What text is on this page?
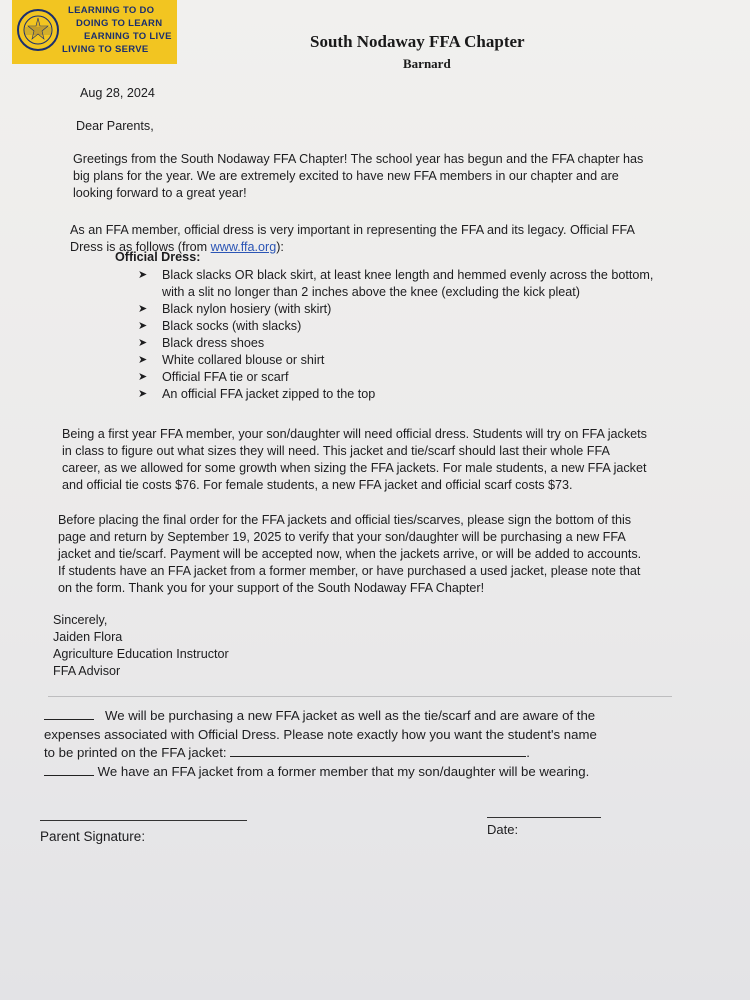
LEARNING TO DO
DOING TO LEARN
EARNING TO LIVE
LIVING TO SERVE	South Nodaway FFA Chapter
Barnard
Aug 28, 2024
Dear Parents,
Greetings from the South Nodaway FFA Chapter! The school year has begun and the FFA chapter has
big plans for the year. We are extremely excited to have new FFA members in our chapter and are
looking forward to a great year!
As an FFA member, official dress is very important in representing the FFA and its legacy. Official FFA
Dress is as follows (from www.ffa.org):
Official Dress:
➤ Black slacks OR black skirt, at least knee length and hemmed evenly across the bottom,
with a slit no longer than 2 inches above the knee (excluding the kick pleat)
➤ Black nylon hosiery (with skirt)
➤ Black socks (with slacks)
➤ Black dress shoes
➤ White collared blouse or shirt
➤ Official FFA tie or scarf
➤ An official FFA jacket zipped to the top
Being a first year FFA member, your son/daughter will need official dress. Students will try on FFA jackets
in class to figure out what sizes they will need. This jacket and tie/scarf should last their whole FFA
career, as we allowed for some growth when sizing the FFA jackets. For male students, a new FFA jacket
and official tie costs $76. For female students, a new FFA jacket and official scarf costs $73.
Before placing the final order for the FFA jackets and official ties/scarves, please sign the bottom of this
page and return by September 19, 2025 to verify that your son/daughter will be purchasing a new FFA
jacket and tie/scarf. Payment will be accepted now, when the jackets arrive, or will be added to accounts.
If students have an FFA jacket from a former member, or have purchased a used jacket, please note that
on the form. Thank you for your support of the South Nodaway FFA Chapter!
Sincerely,
Jaiden Flora
Agriculture Education Instructor
FFA Advisor
We will be purchasing a new FFA jacket as well as the tie/scarf and are aware of the
expenses associated with Official Dress. Please note exactly how you want the student's name
to be printed on the FFA jacket:	.
We have an FFA jacket from a former member that my son/daughter will be wearing.
Parent Signature:	Date:
